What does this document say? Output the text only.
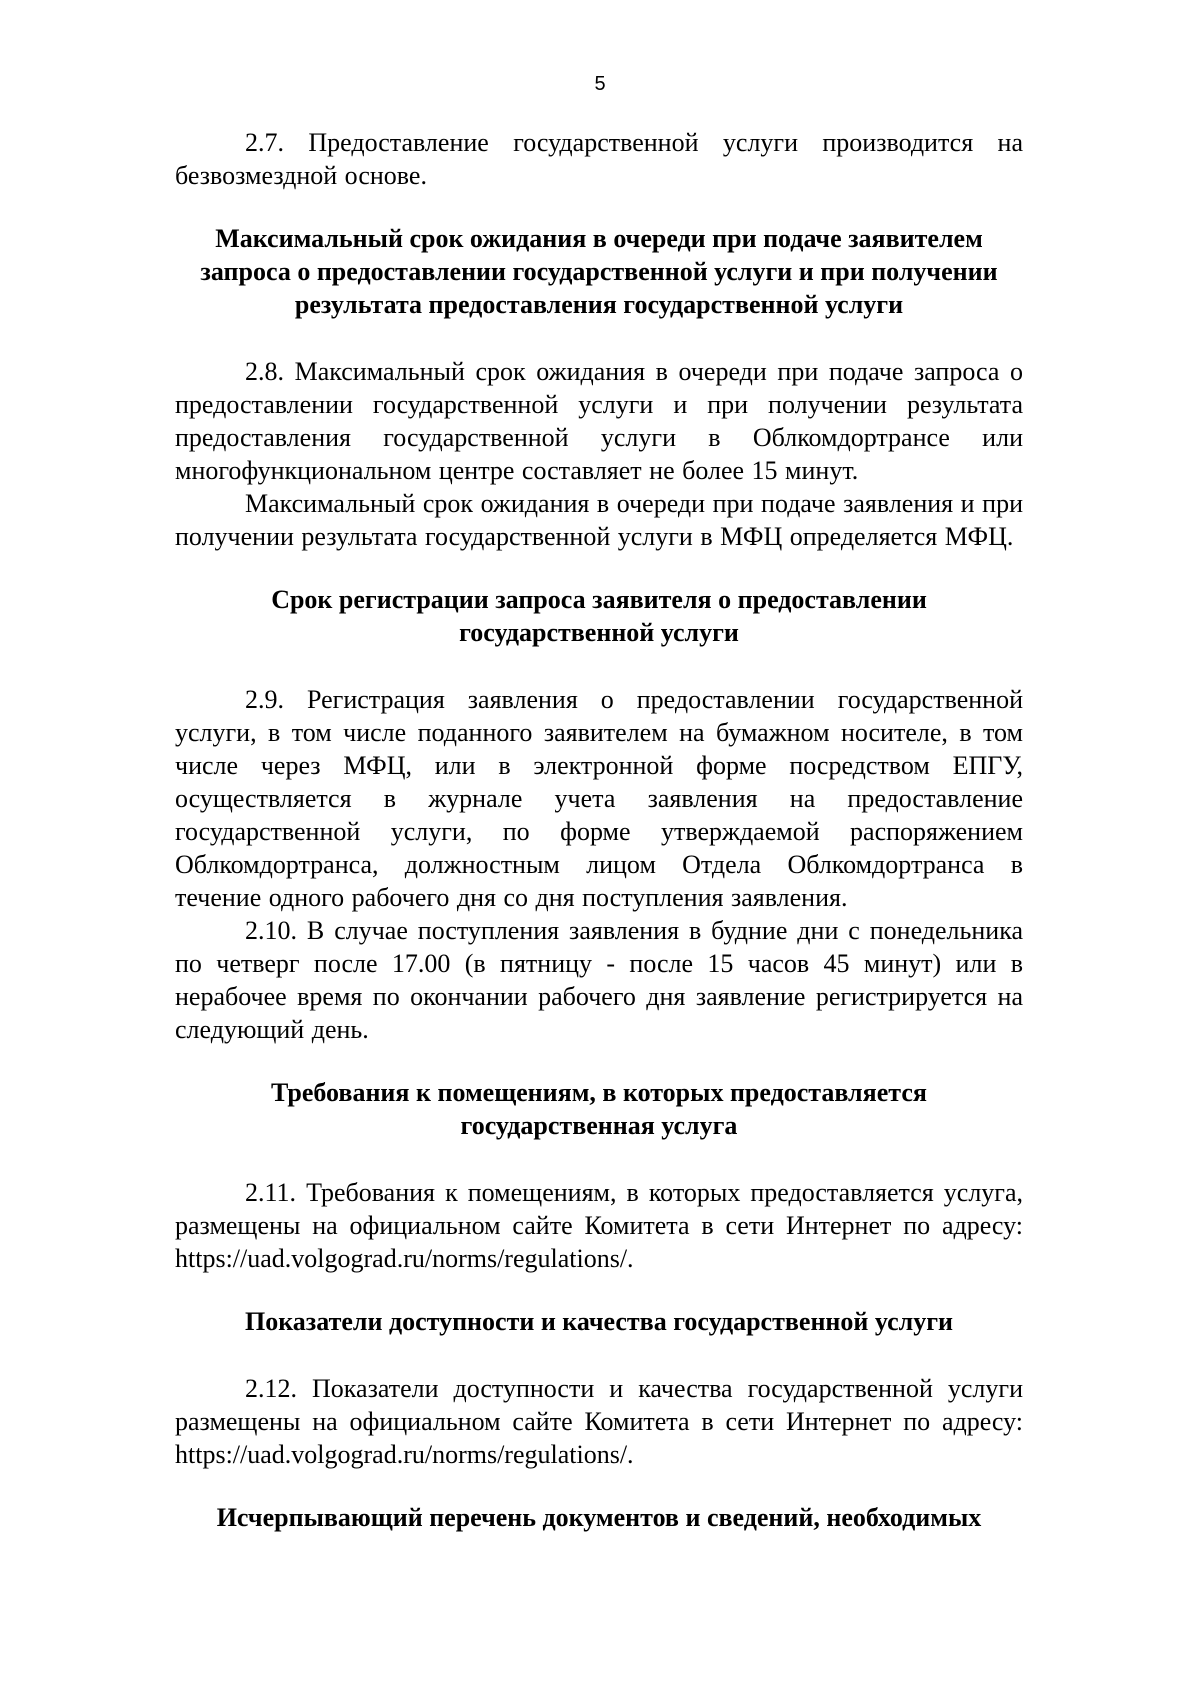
5

2.7. Предоставление государственной услуги производится на безвозмездной основе.

Максимальный срок ожидания в очереди при подаче заявителем
запроса о предоставлении государственной услуги и при получении
результата предоставления государственной услуги

2.8. Максимальный срок ожидания в очереди при подаче запроса о предоставлении государственной услуги и при получении результата предоставления государственной услуги в Облкомдортрансе или многофункциональном центре составляет не более 15 минут.

Максимальный срок ожидания в очереди при подаче заявления и при получении результата государственной услуги в МФЦ определяется МФЦ.

Срок регистрации запроса заявителя о предоставлении
государственной услуги

2.9. Регистрация заявления о предоставлении государственной услуги, в том числе поданного заявителем на бумажном носителе, в том числе через МФЦ, или в электронной форме посредством ЕПГУ, осуществляется в журнале учета заявления на предоставление государственной услуги, по форме утверждаемой распоряжением Облкомдортранса, должностным лицом Отдела Облкомдортранса в течение одного рабочего дня со дня поступления заявления.

2.10. В случае поступления заявления в будние дни с понедельника по четверг после 17.00 (в пятницу - после 15 часов 45 минут) или в нерабочее время по окончании рабочего дня заявление регистрируется на следующий день.

Требования к помещениям, в которых предоставляется
государственная услуга

2.11. Требования к помещениям, в которых предоставляется услуга, размещены на официальном сайте Комитета в сети Интернет по адресу: https://uad.volgograd.ru/norms/regulations/.

Показатели доступности и качества государственной услуги

2.12. Показатели доступности и качества государственной услуги размещены на официальном сайте Комитета в сети Интернет по адресу: https://uad.volgograd.ru/norms/regulations/.

Исчерпывающий перечень документов и сведений, необходимых
